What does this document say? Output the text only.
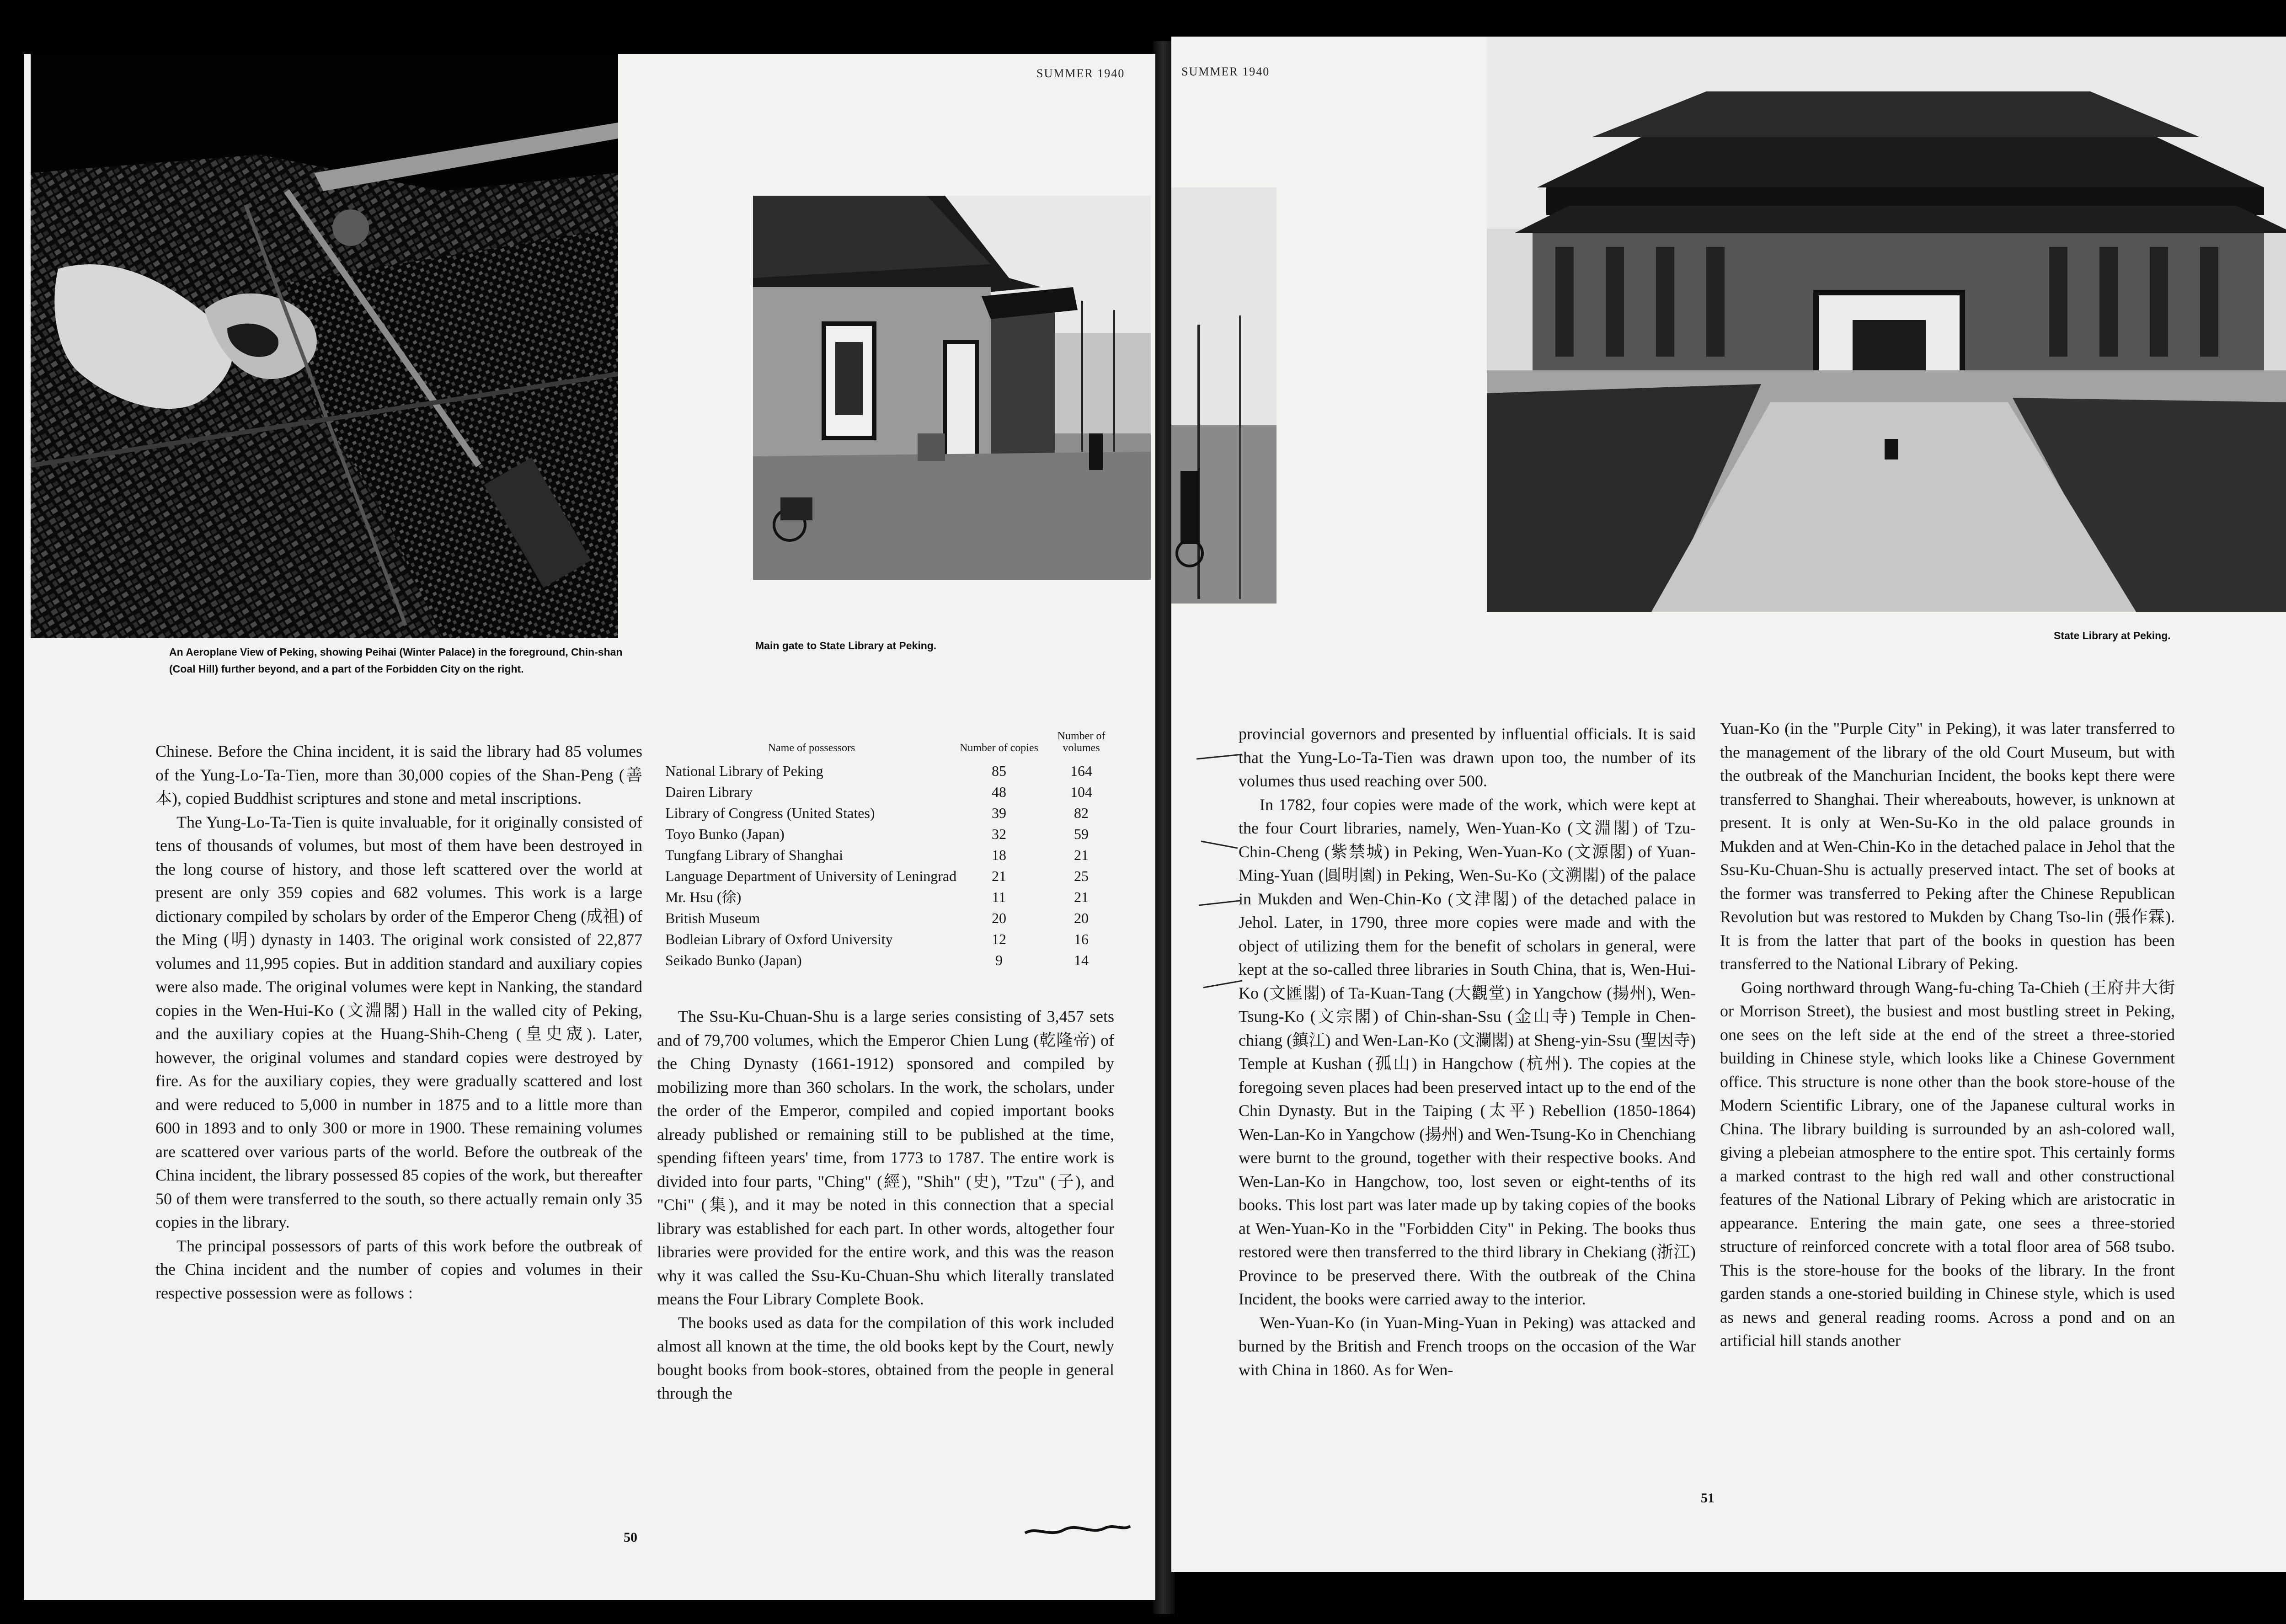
SUMMER 1940
An Aeroplane View of Peking, showing Peihai (Winter Palace) in the foreground, Chin-shan (Coal Hill) further beyond, and a part of the Forbidden City on the right.
Main gate to State Library at Peking.

Chinese. Before the China incident, it is said the library had 85 volumes of the Yung-Lo-Ta-Tien, more than 30,000 copies of the Shan-Peng (善本), copied Buddhist scriptures and stone and metal inscriptions.

The Yung-Lo-Ta-Tien is quite invaluable, for it originally consisted of tens of thousands of volumes, but most of them have been destroyed in the long course of history, and those left scattered over the world at present are only 359 copies and 682 volumes. This work is a large dictionary compiled by scholars by order of the Emperor Cheng (成祖) of the Ming (明) dynasty in 1403. The original work consisted of 22,877 volumes and 11,995 copies. But in addition standard and auxiliary copies were also made. The original volumes were kept in Nanking, the standard copies in the Wen-Hui-Ko (文淵閣) Hall in the walled city of Peking, and the auxiliary copies at the Huang-Shih-Cheng (皇史宬). Later, however, the original volumes and standard copies were destroyed by fire. As for the auxiliary copies, they were gradually scattered and lost and were reduced to 5,000 in number in 1875 and to a little more than 600 in 1893 and to only 300 or more in 1900. These remaining volumes are scattered over various parts of the world. Before the outbreak of the China incident, the library possessed 85 copies of the work, but thereafter 50 of them were transferred to the south, so there actually remain only 35 copies in the library.

The principal possessors of parts of this work before the outbreak of the China incident and the number of copies and volumes in their respective possession were as follows :

Name of possessors	Number of copies	Number of volumes
National Library of Peking	85	164
Dairen Library	48	104
Library of Congress (United States)	39	82
Toyo Bunko (Japan)	32	59
Tungfang Library of Shanghai	18	21
Language Department of University of Leningrad	21	25
Mr. Hsu (徐)	11	21
British Museum	20	20
Bodleian Library of Oxford University	12	16
Seikado Bunko (Japan)	9	14

The Ssu-Ku-Chuan-Shu is a large series consisting of 3,457 sets and of 79,700 volumes, which the Emperor Chien Lung (乾隆帝) of the Ching Dynasty (1661-1912) sponsored and compiled by mobilizing more than 360 scholars. In the work, the scholars, under the order of the Emperor, compiled and copied important books already published or remaining still to be published at the time, spending fifteen years' time, from 1773 to 1787. The entire work is divided into four parts, "Ching" (經), "Shih" (史), "Tzu" (子), and "Chi" (集), and it may be noted in this connection that a special library was established for each part. In other words, altogether four libraries were provided for the entire work, and this was the reason why it was called the Ssu-Ku-Chuan-Shu which literally translated means the Four Library Complete Book.

The books used as data for the compilation of this work included almost all known at the time, the old books kept by the Court, newly bought books from book-stores, obtained from the people in general through the

50
SUMMER 1940
State Library at Peking.

provincial governors and presented by influential officials. It is said that the Yung-Lo-Ta-Tien was drawn upon too, the number of its volumes thus used reaching over 500.

In 1782, four copies were made of the work, which were kept at the four Court libraries, namely, Wen-Yuan-Ko (文淵閣) of Tzu-Chin-Cheng (紫禁城) in Peking, Wen-Yuan-Ko (文源閣) of Yuan-Ming-Yuan (圓明園) in Peking, Wen-Su-Ko (文溯閣) of the palace in Mukden and Wen-Chin-Ko (文津閣) of the detached palace in Jehol. Later, in 1790, three more copies were made and with the object of utilizing them for the benefit of scholars in general, were kept at the so-called three libraries in South China, that is, Wen-Hui-Ko (文匯閣) of Ta-Kuan-Tang (大觀堂) in Yangchow (揚州), Wen-Tsung-Ko (文宗閣) of Chin-shan-Ssu (金山寺) Temple in Chen-chiang (鎮江) and Wen-Lan-Ko (文瀾閣) at Sheng-yin-Ssu (聖因寺) Temple at Kushan (孤山) in Hangchow (杭州). The copies at the foregoing seven places had been preserved intact up to the end of the Chin Dynasty. But in the Taiping (太平) Rebellion (1850-1864) Wen-Lan-Ko in Yangchow (揚州) and Wen-Tsung-Ko in Chenchiang were burnt to the ground, together with their respective books. And Wen-Lan-Ko in Hangchow, too, lost seven or eight-tenths of its books. This lost part was later made up by taking copies of the books at Wen-Yuan-Ko in the "Forbidden City" in Peking. The books thus restored were then transferred to the third library in Chekiang (浙江) Province to be preserved there. With the outbreak of the China Incident, the books were carried away to the interior.

Wen-Yuan-Ko (in Yuan-Ming-Yuan in Peking) was attacked and burned by the British and French troops on the occasion of the War with China in 1860. As for Wen-

Yuan-Ko (in the "Purple City" in Peking), it was later transferred to the management of the library of the old Court Museum, but with the outbreak of the Manchurian Incident, the books kept there were transferred to Shanghai. Their whereabouts, however, is unknown at present. It is only at Wen-Su-Ko in the old palace grounds in Mukden and at Wen-Chin-Ko in the detached palace in Jehol that the Ssu-Ku-Chuan-Shu is actually preserved intact. The set of books at the former was transferred to Peking after the Chinese Republican Revolution but was restored to Mukden by Chang Tso-lin (張作霖). It is from the latter that part of the books in question has been transferred to the National Library of Peking.

Going northward through Wang-fu-ching Ta-Chieh (王府井大街 or Morrison Street), the busiest and most bustling street in Peking, one sees on the left side at the end of the street a three-storied building in Chinese style, which looks like a Chinese Government office. This structure is none other than the book store-house of the Modern Scientific Library, one of the Japanese cultural works in China. The library building is surrounded by an ash-colored wall, giving a plebeian atmosphere to the entire spot. This certainly forms a marked contrast to the high red wall and other constructional features of the National Library of Peking which are aristocratic in appearance. Entering the main gate, one sees a three-storied structure of reinforced concrete with a total floor area of 568 tsubo. This is the store-house for the books of the library. In the front garden stands a one-storied building in Chinese style, which is used as news and general reading rooms. Across a pond and on an artificial hill stands another

51
